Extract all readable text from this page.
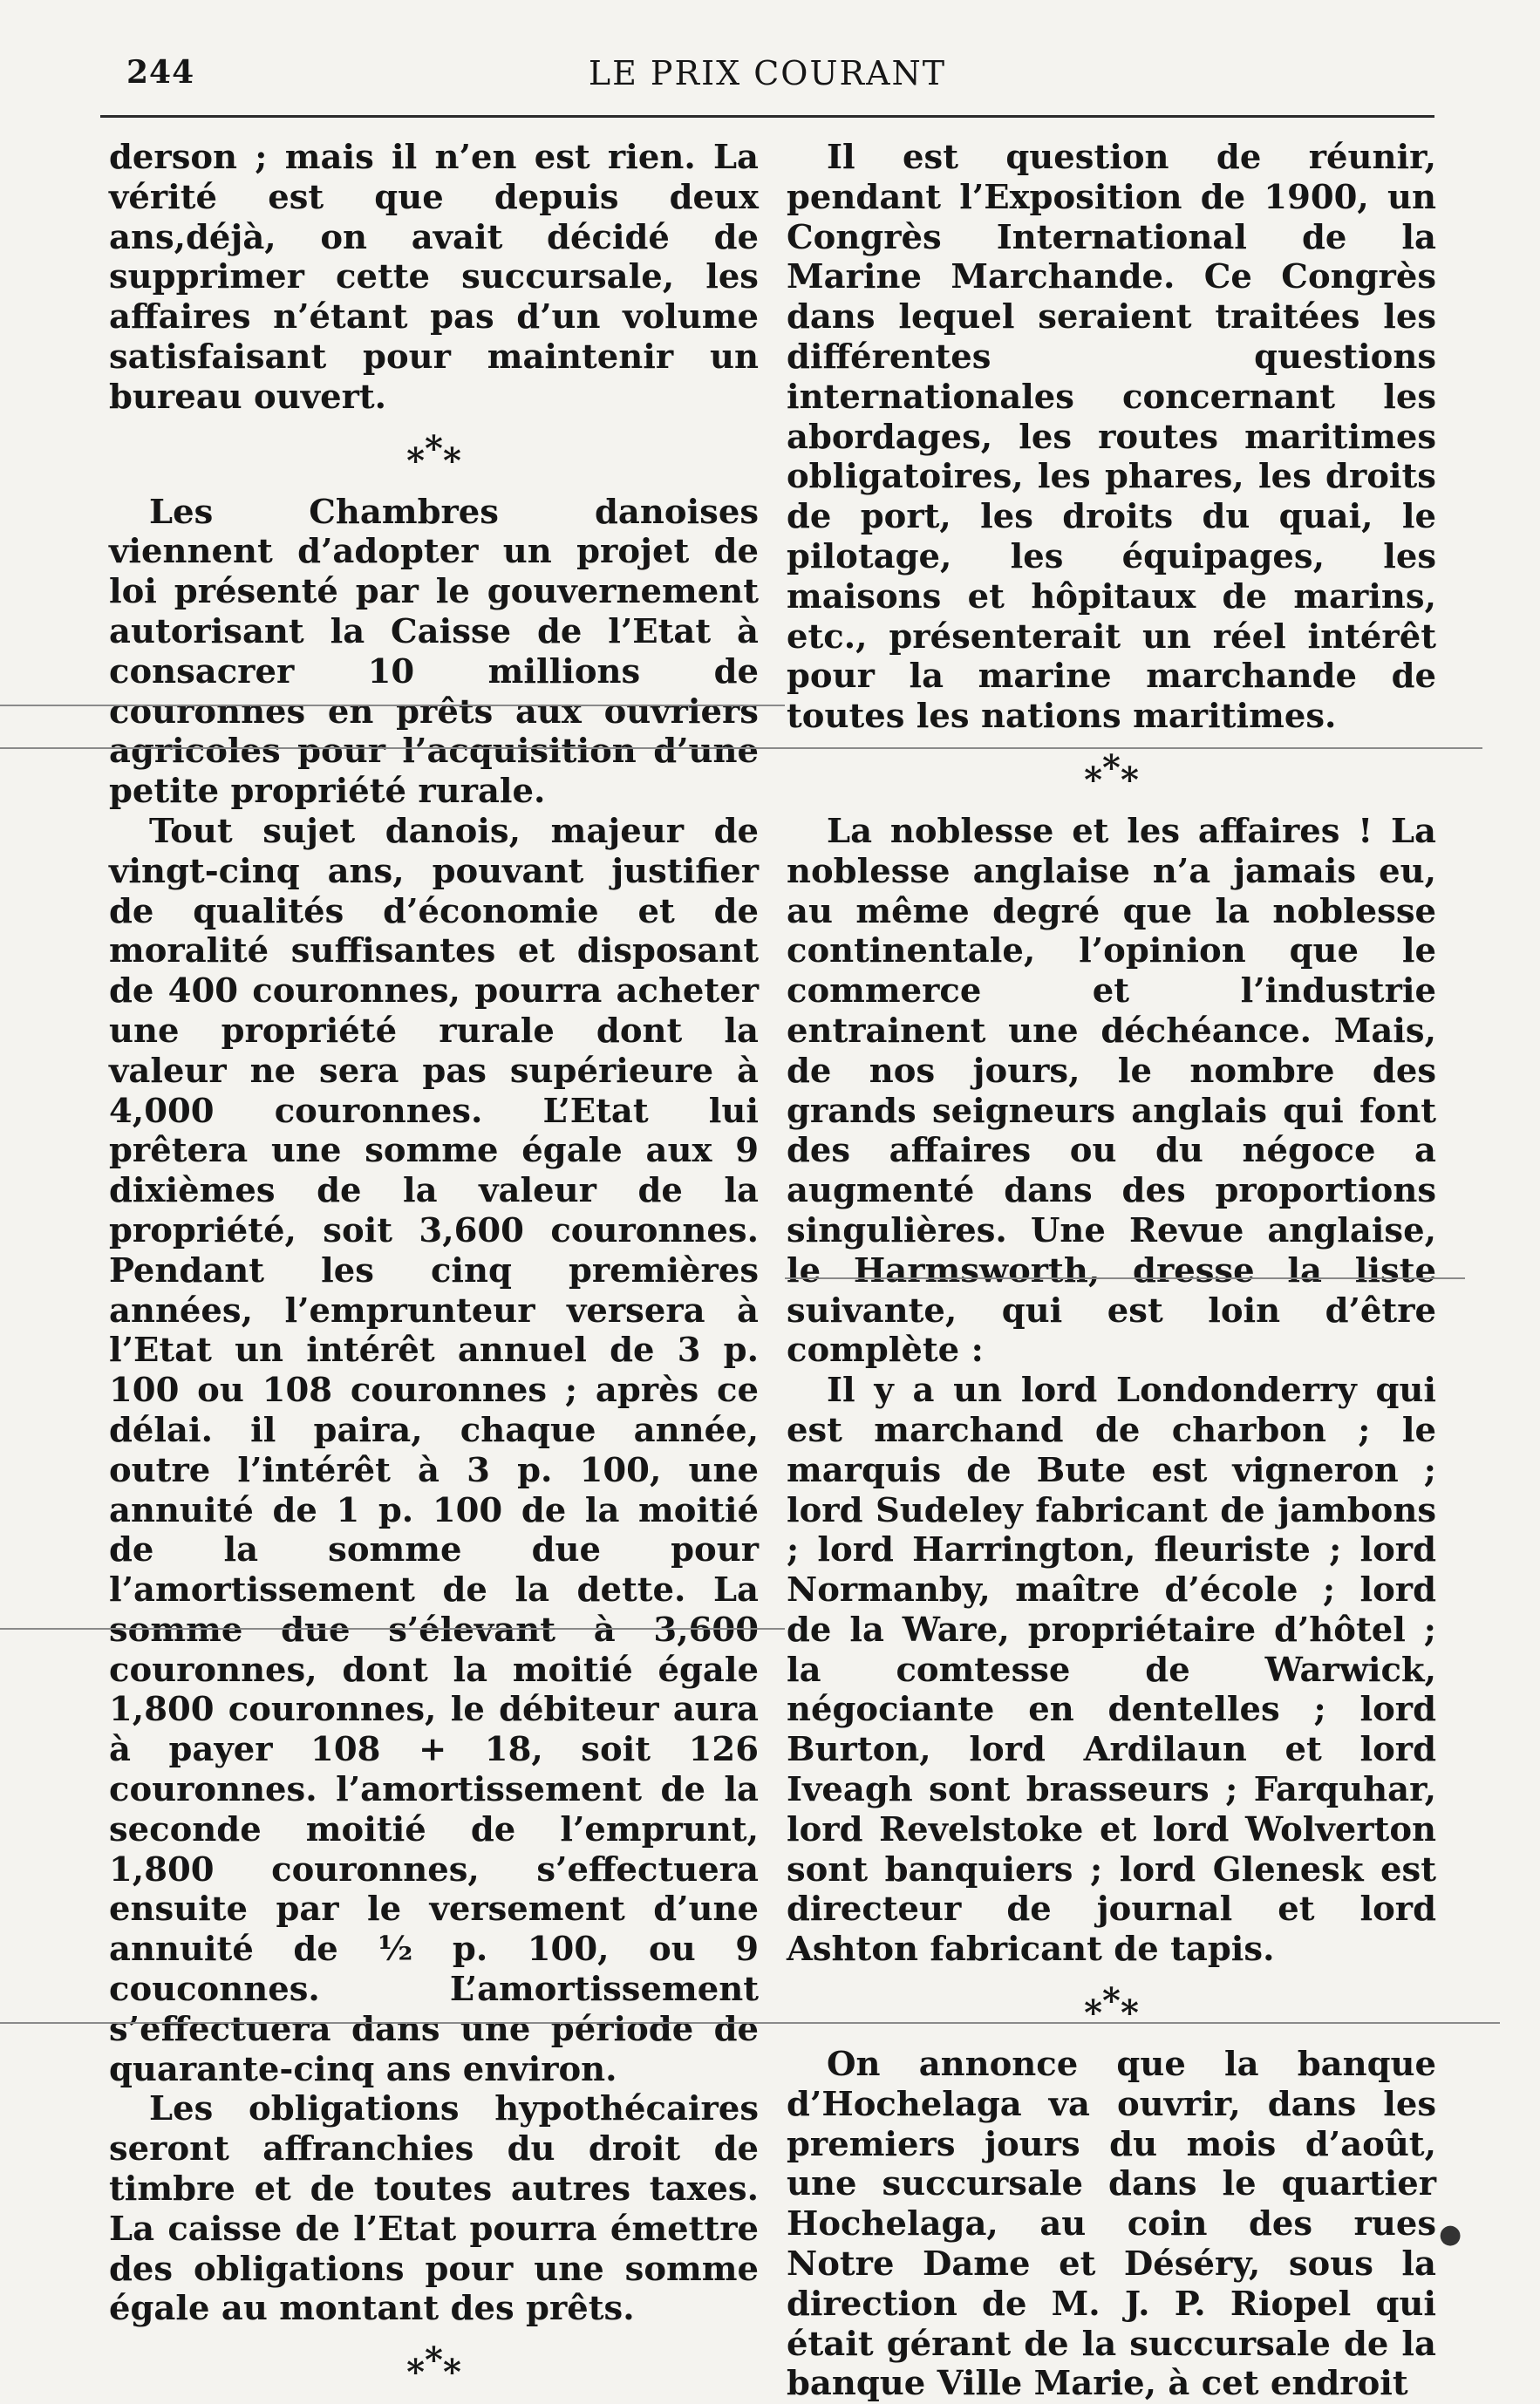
244	LE PRIX COURANT

derson ; mais il n’en est rien. La vérité est que depuis deux ans,déjà, on avait décidé de supprimer cette succursale, les affaires n’étant pas d’un volume satisfaisant pour maintenir un bureau ouvert.

***

Les Chambres danoises viennent d’adopter un projet de loi présenté par le gouvernement autorisant la Caisse de l’Etat à consacrer 10 millions de couronnes en prêts aux ouvriers agricoles pour l’acquisition d’une petite propriété rurale.

Tout sujet danois, majeur de vingt-cinq ans, pouvant justifier de qualités d’économie et de moralité suffisantes et disposant de 400 couronnes, pourra acheter une propriété rurale dont la valeur ne sera pas supérieure à 4,000 couronnes. L’Etat lui prêtera une somme égale aux 9 dixièmes de la valeur de la propriété, soit 3,600 couronnes. Pendant les cinq premières années, l’emprunteur versera à l’Etat un intérêt annuel de 3 p. 100 ou 108 couronnes ; après ce délai. il paira, chaque année, outre l’intérêt à 3 p. 100, une annuité de 1 p. 100 de la moitié de la somme due pour l’amortissement de la dette. La somme due s’élevant à 3,600 couronnes, dont la moitié égale 1,800 couronnes, le débiteur aura à payer 108 + 18, soit 126 couronnes. l’amortissement de la seconde moitié de l’emprunt, 1,800 couronnes, s’effectuera ensuite par le versement d’une annuité de ½ p. 100, ou 9 couconnes. L’amortissement s’effectuera dans une période de quarante-cinq ans environ.

Les obligations hypothécaires seront affranchies du droit de timbre et de toutes autres taxes. La caisse de l’Etat pourra émettre des obligations pour une somme égale au montant des prêts.

***

Il est question de réunir, pendant l’Exposition de 1900, un Congrès International de la Marine Marchande. Ce Congrès dans lequel seraient traitées les différentes questions internationales concernant les abordages, les routes maritimes obligatoires, les phares, les droits de port, les droits du quai, le pilotage, les équipages, les maisons et hôpitaux de marins, etc., présenterait un réel intérêt pour la marine marchande de toutes les nations maritimes.

***

La noblesse et les affaires ! La noblesse anglaise n’a jamais eu, au même degré que la noblesse continentale, l’opinion que le commerce et l’industrie entrainent une déchéance. Mais, de nos jours, le nombre des grands seigneurs anglais qui font des affaires ou du négoce a augmenté dans des proportions singulières. Une Revue anglaise, le Harmsworth, dresse la liste suivante, qui est loin d’être complète :

Il y a un lord Londonderry qui est marchand de charbon ; le marquis de Bute est vigneron ; lord Sudeley fabricant de jambons ; lord Harrington, fleuriste ; lord Normanby, maître d’école ; lord de la Ware, propriétaire d’hôtel ; la comtesse de Warwick, négociante en dentelles ; lord Burton, lord Ardilaun et lord Iveagh sont brasseurs ; Farquhar, lord Revelstoke et lord Wolverton sont banquiers ; lord Glenesk est directeur de journal et lord Ashton fabricant de tapis.

***

On annonce que la banque d’Hochelaga va ouvrir, dans les premiers jours du mois d’août, une succursale dans le quartier Hochelaga, au coin des rues Notre Dame et Déséry, sous la direction de M. J. P. Riopel qui était gérant de la succursale de la banque Ville Marie, à cet endroit

●
